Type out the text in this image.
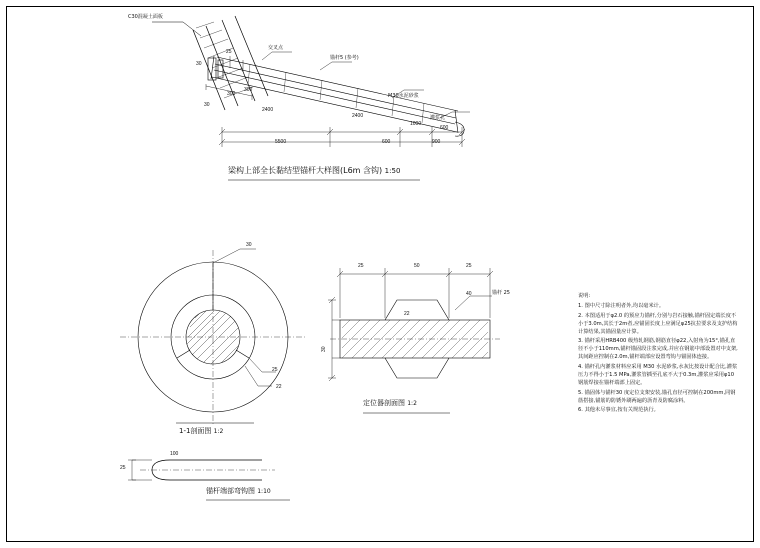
C30混凝土面板
交叉点
锚杆5 (参考)
M30水泥砂浆
灌浆孔
2400
2400
1000
600
300
300
30
25
600	900
5500
30
梁构上部全长黏结型锚杆大样图(L6m 含钩) 1:50
30
22
25
1-1剖面图 1:2
25	50	25
30
锚杆 25
40
22
定位器剖面图 1:2
25
100
锚杆端部弯钩图 1:10
说明:
1. 图中尺寸除注明者外,均以毫米计。
2. 本图适用于φ2.0 的预应力锚杆,分别与岩石接触,锚杆固定端长度不小于3.0m,其长于2m者,应锚固长度上应满足φ25抗拉要求及支护结构计算结果,其锚固量应计算。
3. 锚杆采用HRB400 级热轧钢筋,钢筋直径φ22,入射角为15°,锚孔直径不小于110mm,锚杆锚固段注浆完成,并应在钢筋中部设置对中支架,其间距应控制在2.0m,锚杆端部应设置弯钩与锚固体连接。
4. 锚杆孔内灌浆材料应采用 M30 水泥砂浆,水灰比按设计配合比,灌浆压力不得小于1.5 MPa,灌浆管插至孔底不大于0.3m,灌浆应采用φ10 钢筋焊接在锚杆端部上固定。
5. 锚固体与锚杆30 度定位支架安装,锚孔直径可控制在200mm,同钢筋搭接,锚筋的防锈外刷两遍的沥青及防腐涂料。
6. 其他未尽事宜,按有关规范执行。
